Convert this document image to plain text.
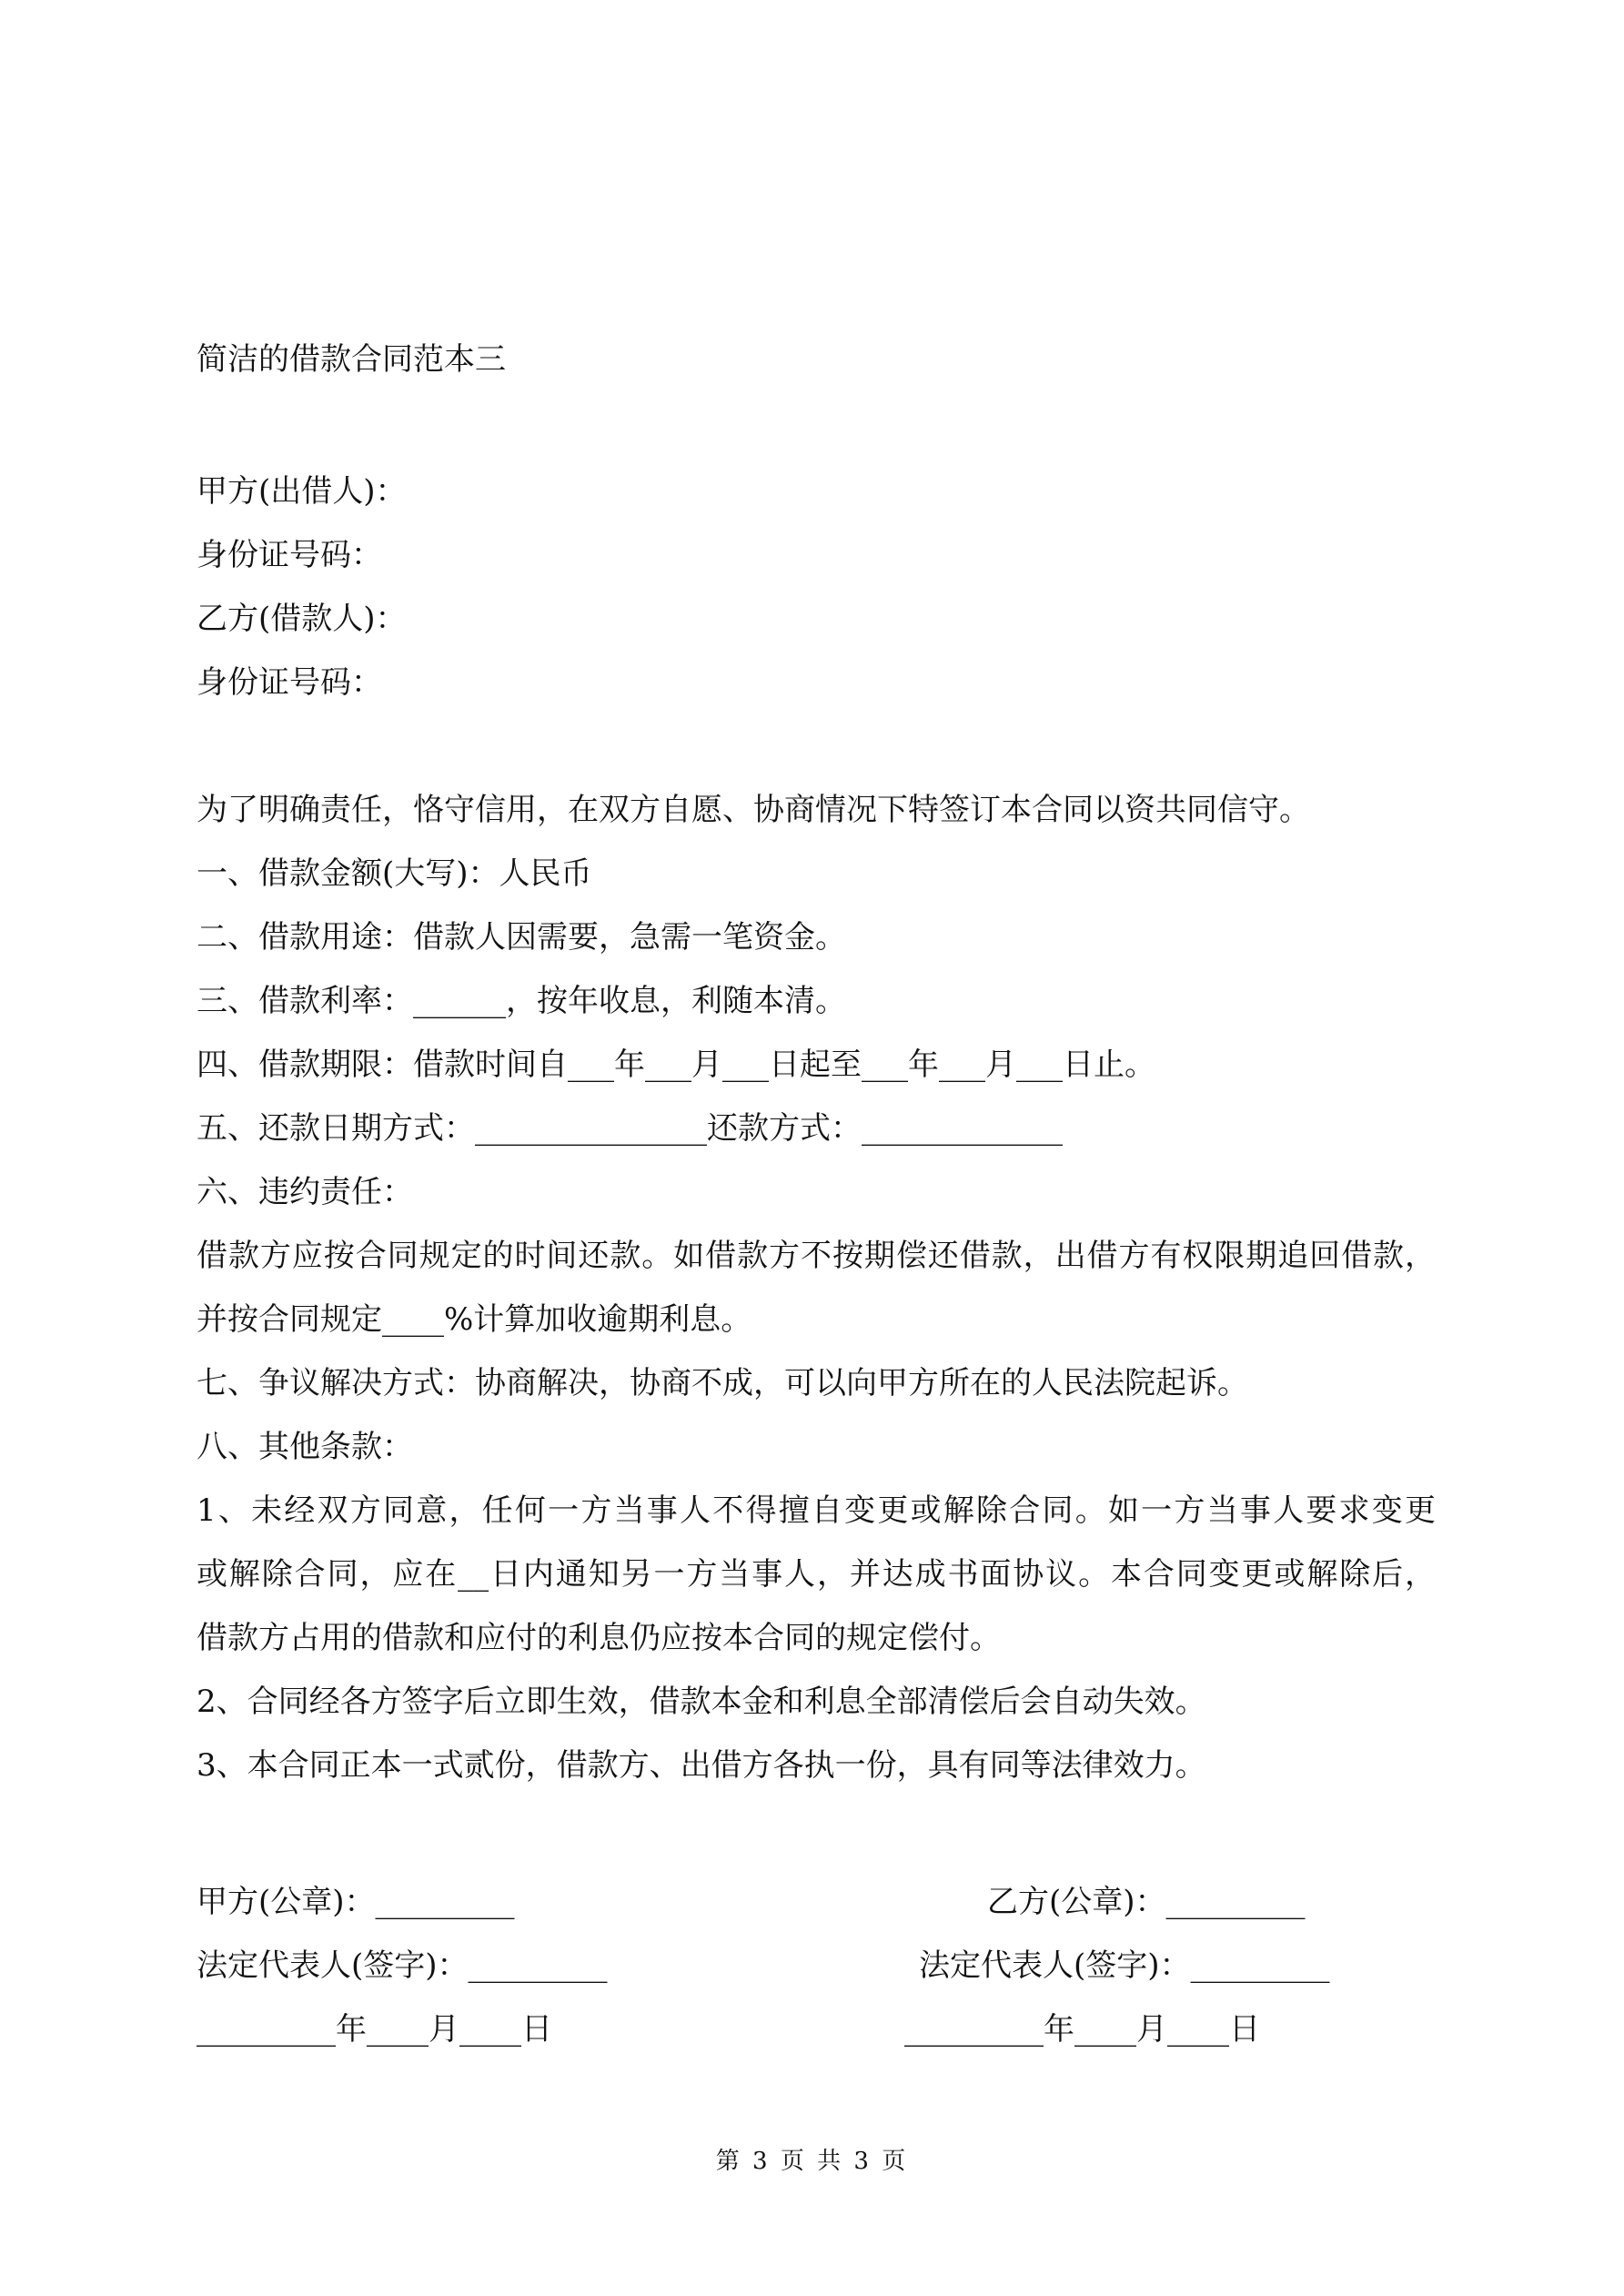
简洁的借款合同范本三
甲方(出借人)：
身份证号码：
乙方(借款人)：
身份证号码：
为了明确责任，恪守信用，在双方自愿、协商情况下特签订本合同以资共同信守。
一、借款金额(大写)：人民币
二、借款用途：借款人因需要，急需一笔资金。
三、借款利率：______，按年收息，利随本清。
四、借款期限：借款时间自___年___月___日起至___年___月___日止。
五、还款日期方式：_______________还款方式：_____________
六、违约责任：
借款方应按合同规定的时间还款。如借款方不按期偿还借款，出借方有权限期追回借款，
并按合同规定____%计算加收逾期利息。
七、争议解决方式：协商解决，协商不成，可以向甲方所在的人民法院起诉。
八、其他条款：
1、未经双方同意，任何一方当事人不得擅自变更或解除合同。如一方当事人要求变更
或解除合同，应在__日内通知另一方当事人，并达成书面协议。本合同变更或解除后，
借款方占用的借款和应付的利息仍应按本合同的规定偿付。
2、合同经各方签字后立即生效，借款本金和利息全部清偿后会自动失效。
3、本合同正本一式贰份，借款方、出借方各执一份，具有同等法律效力。
甲方(公章)：_________	乙方(公章)：_________
法定代表人(签字)：_________	法定代表人(签字)：_________
_________年____月____日	_________年____月____日
第 3 页 共 3 页
